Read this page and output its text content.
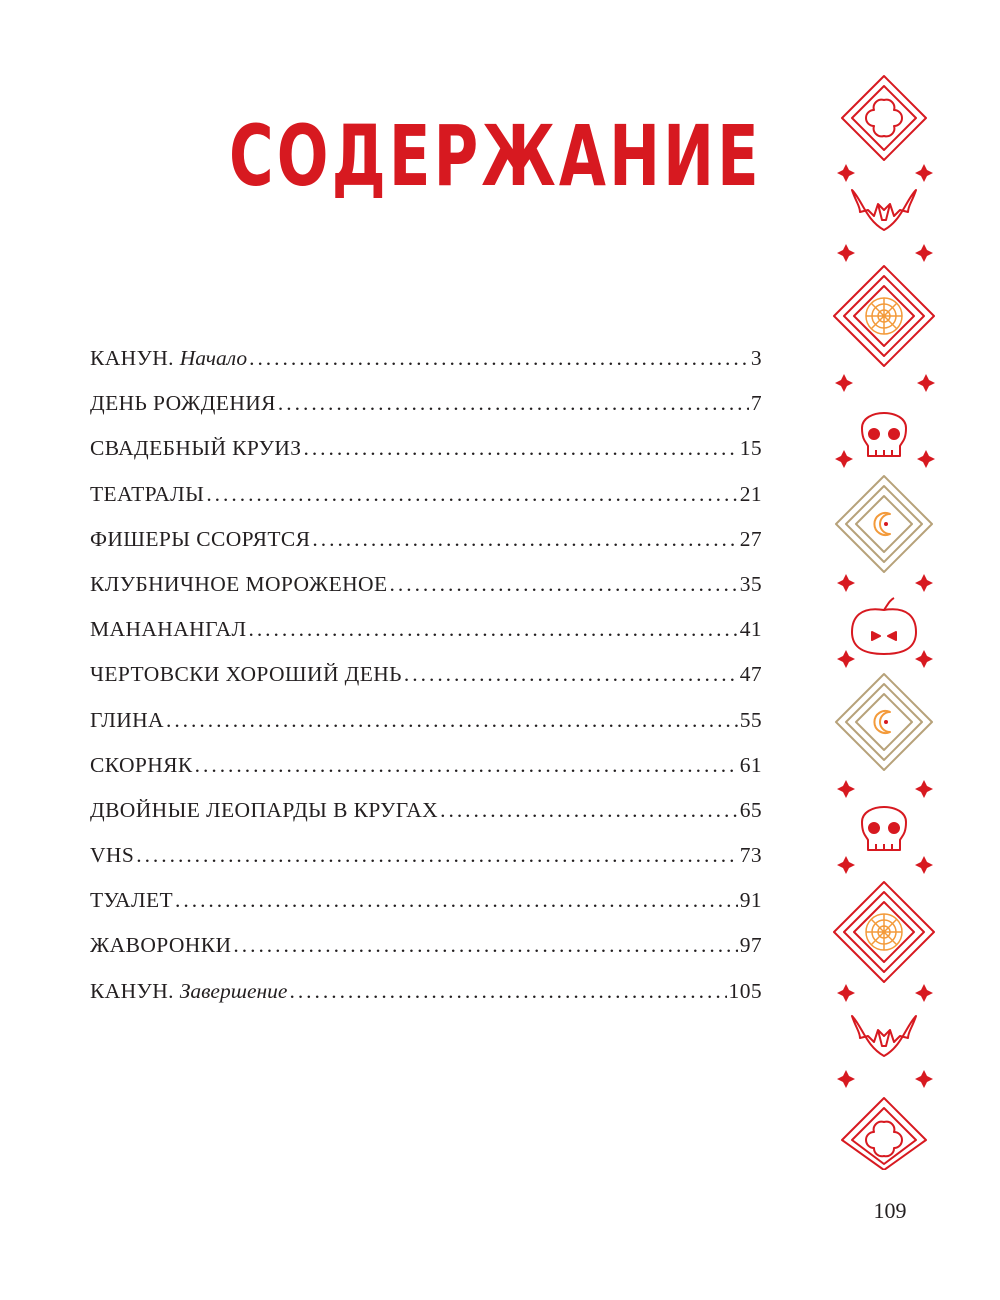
СОДЕРЖАНИЕ
КАНУН. Начало . . .	3
ДЕНЬ РОЖДЕНИЯ . . .	7
СВАДЕБНЫЙ КРУИЗ . . .	15
ТЕАТРАЛЫ . . .	21
ФИШЕРЫ ССОРЯТСЯ . . .	27
КЛУБНИЧНОЕ МОРОЖЕНОЕ . . .	35
МАНАНАНГАЛ . . .	41
ЧЕРТОВСКИ ХОРОШИЙ ДЕНЬ . . .	47
ГЛИНА . . .	55
СКОРНЯК . . .	61
ДВОЙНЫЕ ЛЕОПАРДЫ В КРУГАХ . . .	65
VHS . . .	73
ТУАЛЕТ . . .	91
ЖАВОРОНКИ . . .	97
КАНУН. Завершение . . .	105
109
